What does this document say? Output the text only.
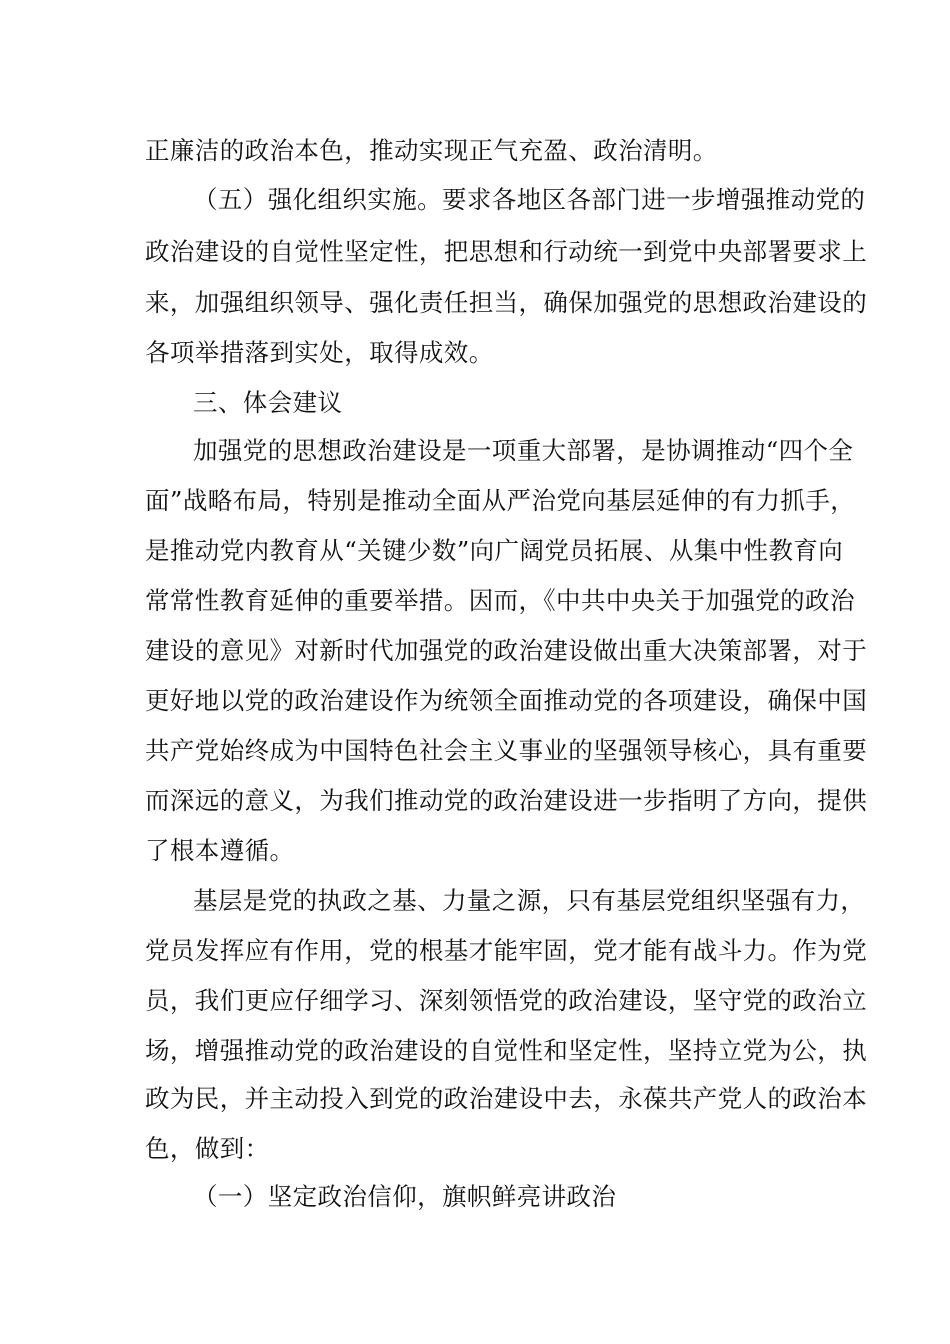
正廉洁的政治本色，推动实现正气充盈、政治清明。
（五）强化组织实施。要求各地区各部门进一步增强推动党的
政治建设的自觉性坚定性，把思想和行动统一到党中央部署要求上
来，加强组织领导、强化责任担当，确保加强党的思想政治建设的
各项举措落到实处，取得成效。
三、体会建议
加强党的思想政治建设是一项重大部署，是协调推动“四个全
面”战略布局，特别是推动全面从严治党向基层延伸的有力抓手，
是推动党内教育从“关键少数”向广阔党员拓展、从集中性教育向
常常性教育延伸的重要举措。因而，《中共中央关于加强党的政治
建设的意见》对新时代加强党的政治建设做出重大决策部署，对于
更好地以党的政治建设作为统领全面推动党的各项建设，确保中国
共产党始终成为中国特色社会主义事业的坚强领导核心，具有重要
而深远的意义，为我们推动党的政治建设进一步指明了方向，提供
了根本遵循。
基层是党的执政之基、力量之源，只有基层党组织坚强有力，
党员发挥应有作用，党的根基才能牢固，党才能有战斗力。作为党
员，我们更应仔细学习、深刻领悟党的政治建设，坚守党的政治立
场，增强推动党的政治建设的自觉性和坚定性，坚持立党为公，执
政为民，并主动投入到党的政治建设中去，永葆共产党人的政治本
色，做到：
（一）坚定政治信仰，旗帜鲜亮讲政治
